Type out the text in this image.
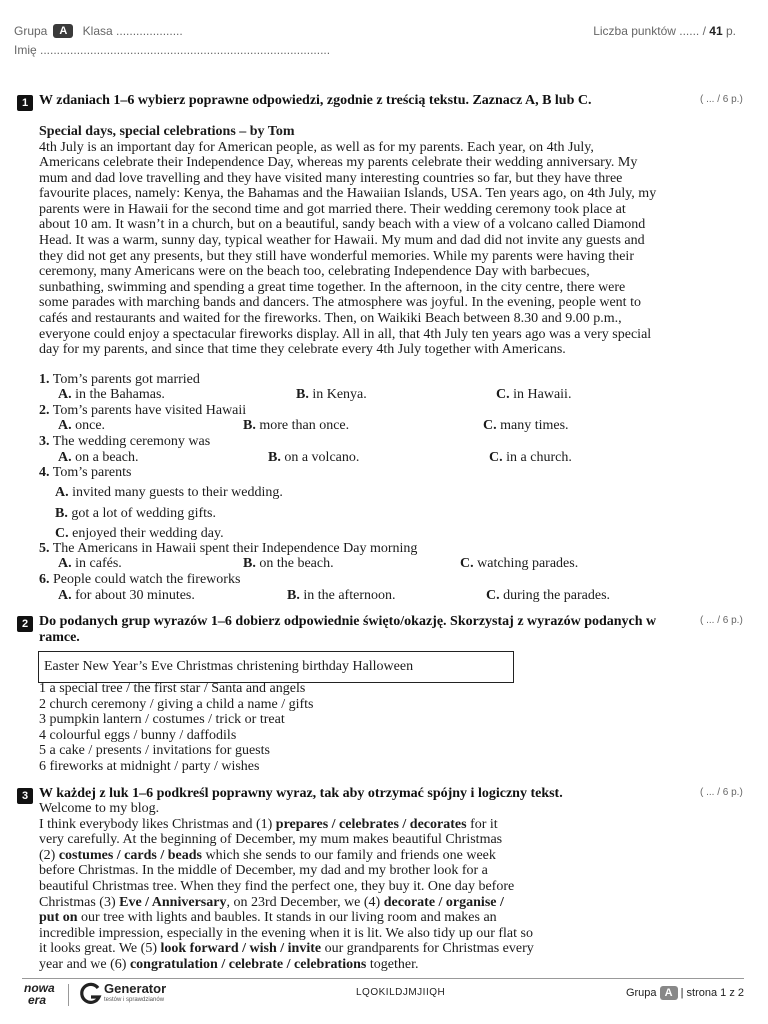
Grupa A Klasa ....................	Liczba punktów ...... / 41 p.
Imię .......................................................................................
1 W zdaniach 1–6 wybierz poprawne odpowiedzi, zgodnie z treścią tekstu. Zaznacz A, B lub C.	( ... / 6 p.)
Special days, special celebrations – by Tom
4th July is an important day for American people, as well as for my parents. Each year, on 4th July,
Americans celebrate their Independence Day, whereas my parents celebrate their wedding anniversary. My
mum and dad love travelling and they have visited many interesting countries so far, but they have three
favourite places, namely: Kenya, the Bahamas and the Hawaiian Islands, USA. Ten years ago, on 4th July, my
parents were in Hawaii for the second time and got married there. Their wedding ceremony took place at
about 10 am. It wasn’t in a church, but on a beautiful, sandy beach with a view of a volcano called Diamond
Head. It was a warm, sunny day, typical weather for Hawaii. My mum and dad did not invite any guests and
they did not get any presents, but they still have wonderful memories. While my parents were having their
ceremony, many Americans were on the beach too, celebrating Independence Day with barbecues,
sunbathing, swimming and spending a great time together. In the afternoon, in the city centre, there were
some parades with marching bands and dancers. The atmosphere was joyful. In the evening, people went to
cafés and restaurants and waited for the fireworks. Then, on Waikiki Beach between 8.30 and 9.00 p.m.,
everyone could enjoy a spectacular fireworks display. All in all, that 4th July ten years ago was a very special
day for my parents, and since that time they celebrate every 4th July together with Americans.
1. Tom’s parents got married
A. in the Bahamas.	B. in Kenya.	C. in Hawaii.
2. Tom’s parents have visited Hawaii
A. once.	B. more than once.	C. many times.
3. The wedding ceremony was
A. on a beach.	B. on a volcano.	C. in a church.
4. Tom’s parents
A. invited many guests to their wedding.
B. got a lot of wedding gifts.
C. enjoyed their wedding day.
5. The Americans in Hawaii spent their Independence Day morning
A. in cafés.	B. on the beach.	C. watching parades.
6. People could watch the fireworks
A. for about 30 minutes.	B. in the afternoon.	C. during the parades.
2 Do podanych grup wyrazów 1–6 dobierz odpowiednie święto/okazję. Skorzystaj z wyrazów podanych w
ramce.
( ... / 6 p.)
Easter New Year’s Eve Christmas christening birthday Halloween
1 a special tree / the first star / Santa and angels
2 church ceremony / giving a child a name / gifts
3 pumpkin lantern / costumes / trick or treat
4 colourful eggs / bunny / daffodils
5 a cake / presents / invitations for guests
6 fireworks at midnight / party / wishes
3 W każdej z luk 1–6 podkreśl poprawny wyraz, tak aby otrzymać spójny i logiczny tekst.	( ... / 6 p.)
Welcome to my blog.
I think everybody likes Christmas and (1) prepares / celebrates / decorates for it
very carefully. At the beginning of December, my mum makes beautiful Christmas
(2) costumes / cards / beads which she sends to our family and friends one week
before Christmas. In the middle of December, my dad and my brother look for a
beautiful Christmas tree. When they find the perfect one, they buy it. One day before
Christmas (3) Eve / Anniversary, on 23rd December, we (4) decorate / organise /
put on our tree with lights and baubles. It stands in our living room and makes an
incredible impression, especially in the evening when it is lit. We also tidy up our flat so
it looks great. We (5) look forward / wish / invite our grandparents for Christmas every
year and we (6) congratulation / celebrate / celebrations together.
nowa
era
Generator
testów i sprawdzianów
LQOKILDJMJIIQH	Grupa A | strona 1 z 2
